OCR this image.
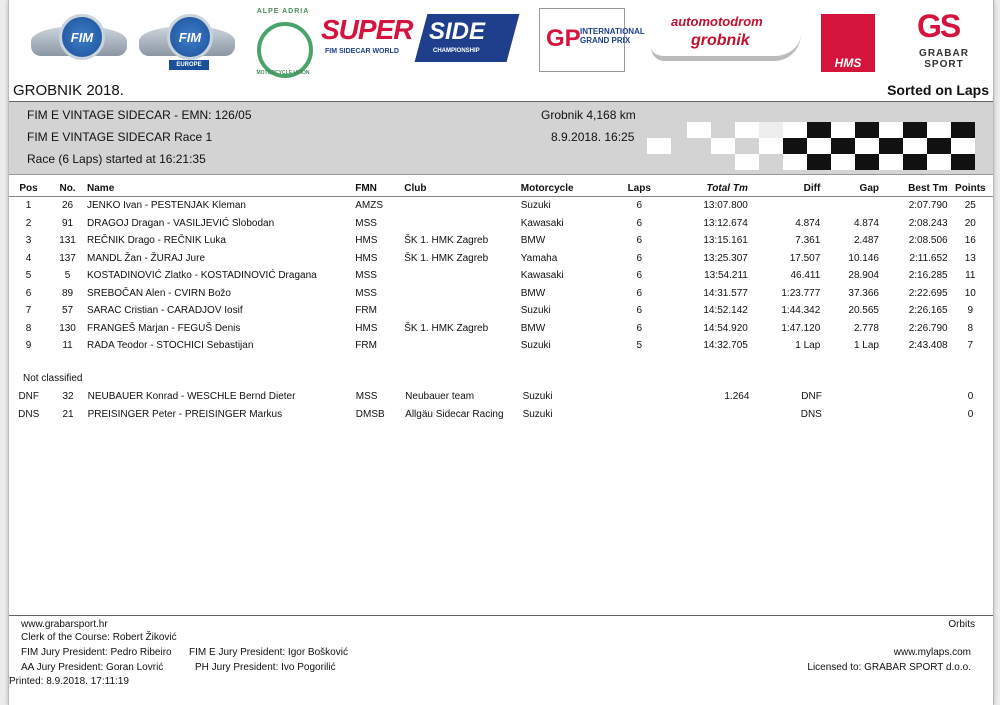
FIM	FIM
EUROPE
ALPE ADRIA
MOTORCYCLE UNION
SUPER SIDE
FIM SIDECAR WORLD	CHAMPIONSHIP	GP INTERNATIONAL GRAND PRIX
automotodrom
grobnik
HMS
GS
GRABAR SPORT
GROBNIK 2018.	Sorted on Laps
FIM E VINTAGE SIDECAR - EMN: 126/05
FIM E VINTAGE SIDECAR Race 1
Race (6 Laps) started at 16:21:35
Grobnik 4,168 km
8.9.2018. 16:25
Pos	No.	Name	FMN	Club	Motorcycle	Laps	Total Tm	Diff	Gap	Best Tm	Points
1	26	JENKO Ivan - PESTENJAK Kleman	AMZS		Suzuki	6	13:07.800			2:07.790	25
2	91	DRAGOJ Dragan - VASILJEVIĆ Slobodan	MSS		Kawasaki	6	13:12.674	4.874	4.874	2:08.243	20
3	131	REČNIK Drago - REČNIK Luka	HMS	ŠK 1. HMK Zagreb	BMW	6	13:15.161	7.361	2.487	2:08.506	16
4	137	MANDL Žan - ŽURAJ Jure	HMS	ŠK 1. HMK Zagreb	Yamaha	6	13:25.307	17.507	10.146	2:11.652	13
5	5	KOSTADINOVIĆ Zlatko - KOSTADINOVIĆ Dragana	MSS		Kawasaki	6	13:54.211	46.411	28.904	2:16.285	11
6	89	SREBOČAN Alen - CVIRN Božo	MSS		BMW	6	14:31.577	1:23.777	37.366	2:22.695	10
7	57	SARAC Cristian - CARADJOV Iosif	FRM		Suzuki	6	14:52.142	1:44.342	20.565	2:26.165	9
8	130	FRANGEŠ Marjan - FEGUŠ Denis	HMS	ŠK 1. HMK Zagreb	BMW	6	14:54.920	1:47.120	2.778	2:26.790	8
9	11	RADA Teodor - STOCHICI Sebastijan	FRM		Suzuki	5	14:32.705	1 Lap	1 Lap	2:43.408	7
Not classified
DNF	32	NEUBAUER Konrad - WESCHLE Bernd Dieter	MSS	Neubauer team	Suzuki		1.264	DNF			0
DNS	21	PREISINGER Peter - PREISINGER Markus	DMSB	Allgäu Sidecar Racing	Suzuki			DNS			0
www.grabarsport.hr	Orbits
Clerk of the Course: Robert Žiković
FIM Jury President: Pedro Ribeiro FIM E Jury President: Igor Bošković
AA Jury President: Goran Lovrić	PH Jury President: Ivo Pogorilić
Printed: 8.9.2018. 17:11:19
www.mylaps.com
Licensed to: GRABAR SPORT d.o.o.
